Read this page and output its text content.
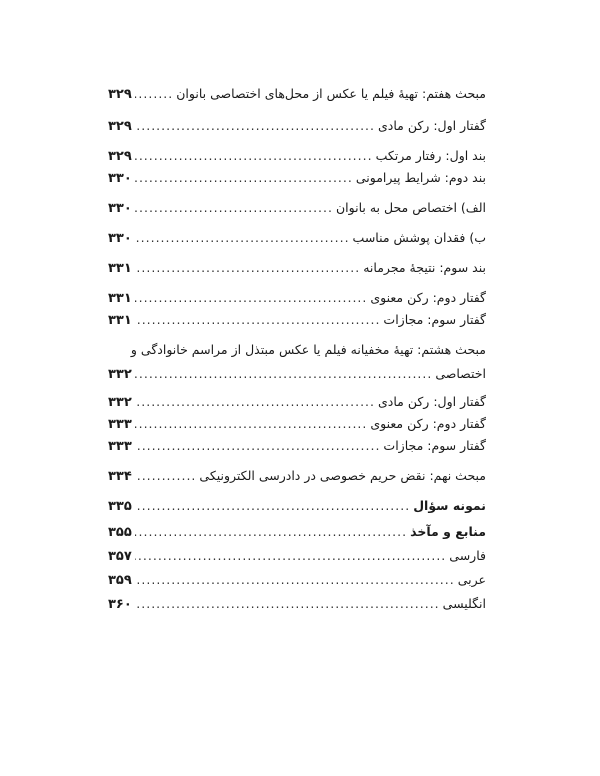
مبحث هفتم: تهیهٔ فیلم یا عکس از محل‌های اختصاصی بانوان
.....
۳۲۹
گفتار اول: رکن مادی
.....
۳۲۹
بند اول: رفتار مرتکب
.....
۳۲۹
بند دوم: شرایط پیرامونی
.....
۳۳۰
الف) اختصاص محل به بانوان
.....
۳۳۰
ب) فقدان پوشش مناسب
.....
۳۳۰
بند سوم: نتیجهٔ مجرمانه
.....
۳۳۱
گفتار دوم: رکن معنوی
.....
۳۳۱
گفتار سوم: مجازات
.....
۳۳۱
مبحث هشتم: تهیهٔ مخفیانه فیلم یا عکس مبتذل از مراسم خانوادگی و
اختصاصی
.....
۳۳۲
گفتار اول: رکن مادی
.....
۳۳۲
گفتار دوم: رکن معنوی
.....
۳۳۳
گفتار سوم: مجازات
.....
۳۳۳
مبحث نهم: نقض حریم خصوصی در دادرسی الکترونیکی
.....
۳۳۴
نمونه سؤال
.....
۳۳۵
منابع و مآخذ
.....
۳۵۵
فارسی
.....
۳۵۷
عربی
.....
۳۵۹
انگلیسی
.....
۳۶۰
